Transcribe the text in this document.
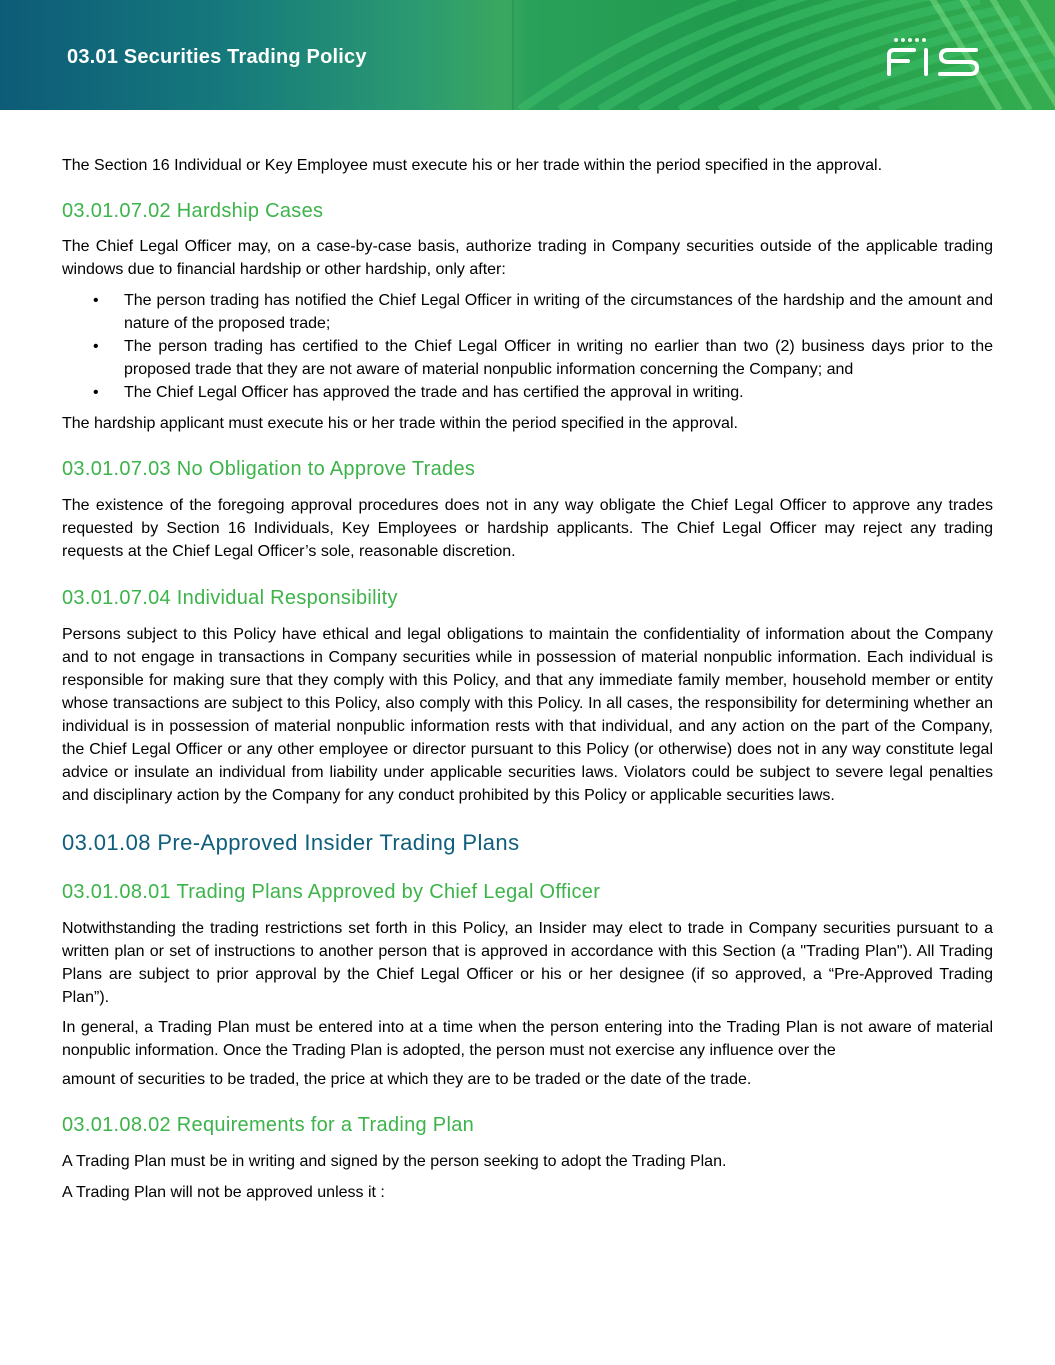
03.01 Securities Trading Policy

The Section 16 Individual or Key Employee must execute his or her trade within the period specified in the approval.

03.01.07.02 Hardship Cases

The Chief Legal Officer may, on a case-by-case basis, authorize trading in Company securities outside of the applicable trading windows due to financial hardship or other hardship, only after:

• The person trading has notified the Chief Legal Officer in writing of the circumstances of the hardship and the amount and nature of the proposed trade;
• The person trading has certified to the Chief Legal Officer in writing no earlier than two (2) business days prior to the proposed trade that they are not aware of material nonpublic information concerning the Company; and
• The Chief Legal Officer has approved the trade and has certified the approval in writing.

The hardship applicant must execute his or her trade within the period specified in the approval.

03.01.07.03 No Obligation to Approve Trades

The existence of the foregoing approval procedures does not in any way obligate the Chief Legal Officer to approve any trades requested by Section 16 Individuals, Key Employees or hardship applicants. The Chief Legal Officer may reject any trading requests at the Chief Legal Officer’s sole, reasonable discretion.

03.01.07.04 Individual Responsibility

Persons subject to this Policy have ethical and legal obligations to maintain the confidentiality of information about the Company and to not engage in transactions in Company securities while in possession of material nonpublic information. Each individual is responsible for making sure that they comply with this Policy, and that any immediate family member, household member or entity whose transactions are subject to this Policy, also comply with this Policy. In all cases, the responsibility for determining whether an individual is in possession of material nonpublic information rests with that individual, and any action on the part of the Company, the Chief Legal Officer or any other employee or director pursuant to this Policy (or otherwise) does not in any way constitute legal advice or insulate an individual from liability under applicable securities laws. Violators could be subject to severe legal penalties and disciplinary action by the Company for any conduct prohibited by this Policy or applicable securities laws.

03.01.08 Pre-Approved Insider Trading Plans
03.01.08.01 Trading Plans Approved by Chief Legal Officer

Notwithstanding the trading restrictions set forth in this Policy, an Insider may elect to trade in Company securities pursuant to a written plan or set of instructions to another person that is approved in accordance with this Section (a "Trading Plan"). All Trading Plans are subject to prior approval by the Chief Legal Officer or his or her designee (if so approved, a “Pre-Approved Trading Plan”).

In general, a Trading Plan must be entered into at a time when the person entering into the Trading Plan is not aware of material nonpublic information. Once the Trading Plan is adopted, the person must not exercise any influence over the

amount of securities to be traded, the price at which they are to be traded or the date of the trade.

03.01.08.02 Requirements for a Trading Plan

A Trading Plan must be in writing and signed by the person seeking to adopt the Trading Plan.

A Trading Plan will not be approved unless it :
